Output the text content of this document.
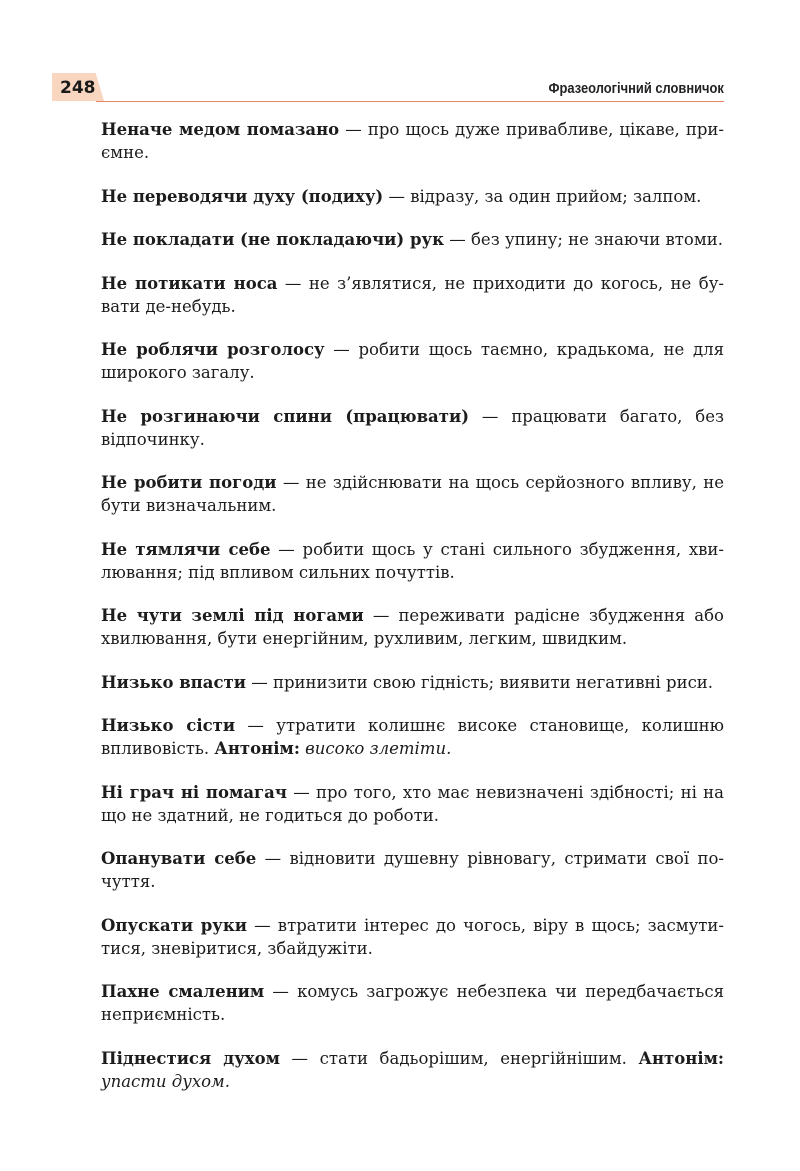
248	Фразеологічний словничок

Неначе медом помазано — про щось дуже привабливе, цікаве, приємне.

Не переводячи духу (подиху) — відразу, за один прийом; залпом.

Не покладати (не покладаючи) рук — без упину; не знаючи втоми.

Не потикати носа — не з’являтися, не приходити до когось, не бувати де-небудь.

Не роблячи розголосу — робити щось таємно, крадькома, не для широкого загалу.

Не розгинаючи спини (працювати) — працювати багато, без відпочинку.

Не робити погоди — не здійснювати на щось серйозного впливу, не бути визначальним.

Не тямлячи себе — робити щось у стані сильного збудження, хвилювання; під впливом сильних почуттів.

Не чути землі під ногами — переживати радісне збудження або хвилювання, бути енергійним, рухливим, легким, швидким.

Низько впасти — принизити свою гідність; виявити негативні риси.

Низько сісти — утратити колишнє високе становище, колишню впливовість. Антонім: високо злетіти.

Ні грач ні помагач — про того, хто має невизначені здібності; ні на що не здатний, не годиться до роботи.

Опанувати себе — відновити душевну рівновагу, стримати свої почуття.

Опускати руки — втратити інтерес до чогось, віру в щось; засмутитися, зневіритися, збайдужіти.

Пахне смаленим — комусь загрожує небезпека чи передбачається неприємність.

Піднестися духом — стати бадьорішим, енергійнішим. Антонім: упасти духом.
